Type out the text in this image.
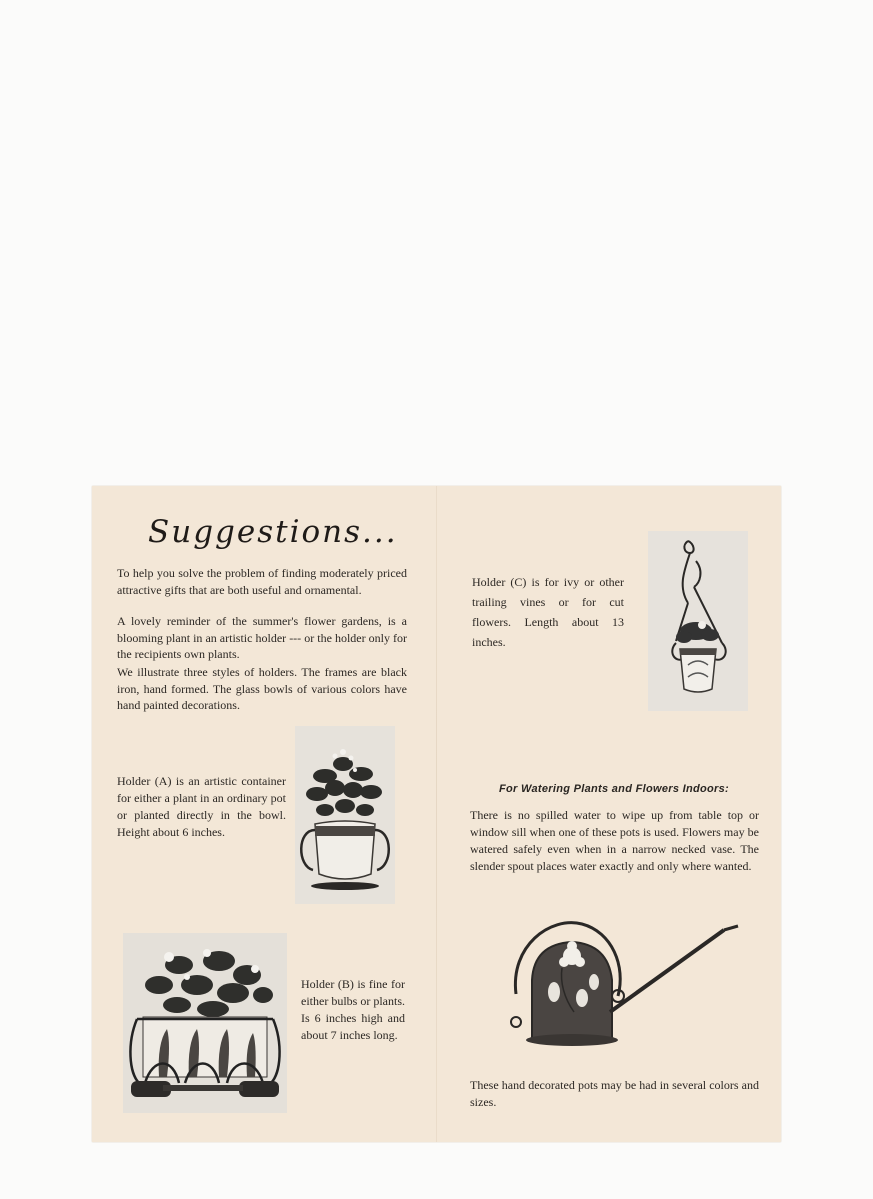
Suggestions...

To help you solve the problem of finding moderately priced attractive gifts that are both useful and ornamental.

A lovely reminder of the summer's flower gardens, is a blooming plant in an artistic holder --- or the holder only for the recipients own plants.

We illustrate three styles of holders. The frames are black iron, hand formed. The glass bowls of various colors have hand painted decorations.

Holder (A) is an artistic container for either a plant in an ordinary pot or planted directly in the bowl. Height about 6 inches.

Holder (B) is fine for either bulbs or plants. Is 6 inches high and about 7 inches long.

Holder (C) is for ivy or other trailing vines or for cut flowers. Length about 13 inches.

For Watering Plants and Flowers Indoors:

There is no spilled water to wipe up from table top or window sill when one of these pots is used. Flowers may be watered safely even when in a narrow necked vase. The slender spout places water exactly and only where wanted.

These hand decorated pots may be had in several colors and sizes.
